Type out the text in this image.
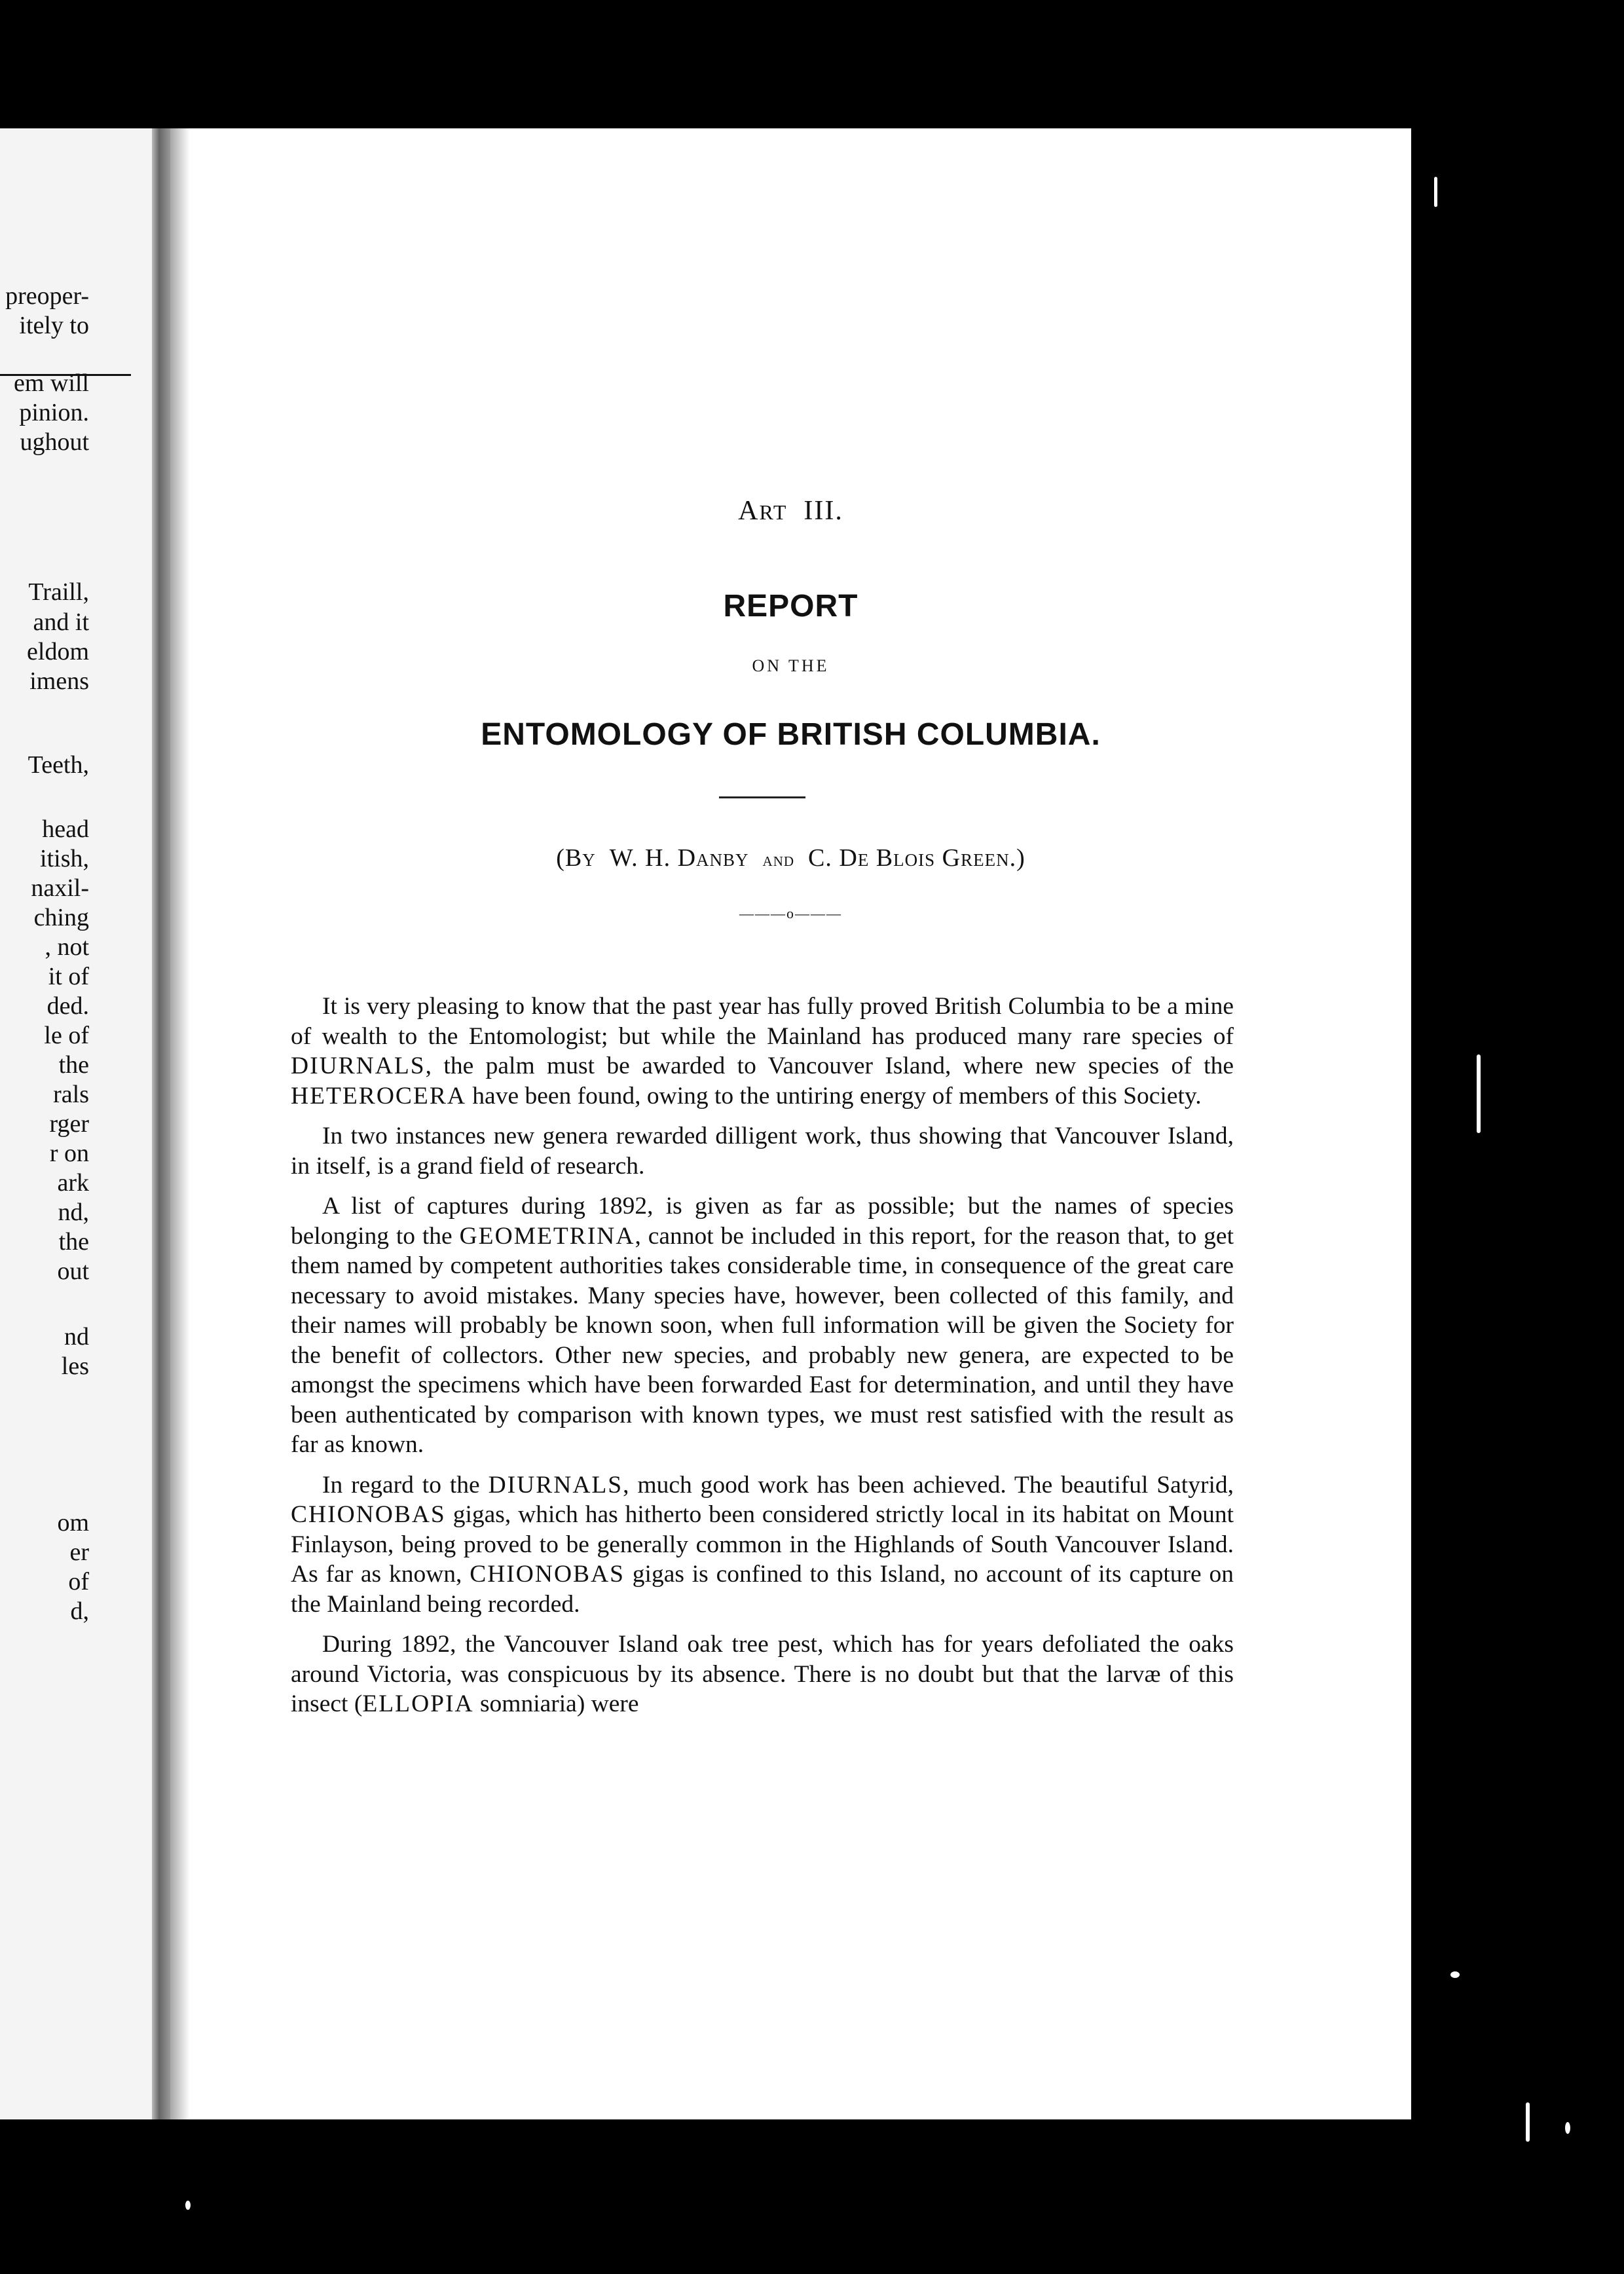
preoper-
itely to
em will
pinion.
ughout
Traill,
and it
eldom
imens
Teeth,
head
itish,
naxil-
ching
, not
it of
ded.
le of
the
rals
rger
r on
ark
nd,
the
out
nd
les
om
er
of
d,
ART III.
REPORT
ON THE
ENTOMOLOGY OF BRITISH COLUMBIA.
(By W. H. Danby and C. De Blois Green.)
———o———

It is very pleasing to know that the past year has fully proved British Columbia to be a mine of wealth to the Entomologist; but while the Mainland has produced many rare species of DIURNALS, the palm must be awarded to Vancouver Island, where new species of the HETEROCERA have been found, owing to the untiring energy of members of this Society.

In two instances new genera rewarded dilligent work, thus showing that Vancouver Island, in itself, is a grand field of research.

A list of captures during 1892, is given as far as possible; but the names of species belonging to the GEOMETRINA, cannot be included in this report, for the reason that, to get them named by competent authorities takes considerable time, in consequence of the great care necessary to avoid mistakes. Many species have, however, been collected of this family, and their names will probably be known soon, when full information will be given the Society for the benefit of collectors. Other new species, and probably new genera, are expected to be amongst the specimens which have been forwarded East for determination, and until they have been authenticated by comparison with known types, we must rest satisfied with the result as far as known.

In regard to the DIURNALS, much good work has been achieved. The beautiful Satyrid, CHIONOBAS gigas, which has hitherto been considered strictly local in its habitat on Mount Finlayson, being proved to be generally common in the Highlands of South Vancouver Island. As far as known, CHIONOBAS gigas is confined to this Island, no account of its capture on the Mainland being recorded.

During 1892, the Vancouver Island oak tree pest, which has for years defoliated the oaks around Victoria, was conspicuous by its absence. There is no doubt but that the larvæ of this insect (ELLOPIA somniaria) were
